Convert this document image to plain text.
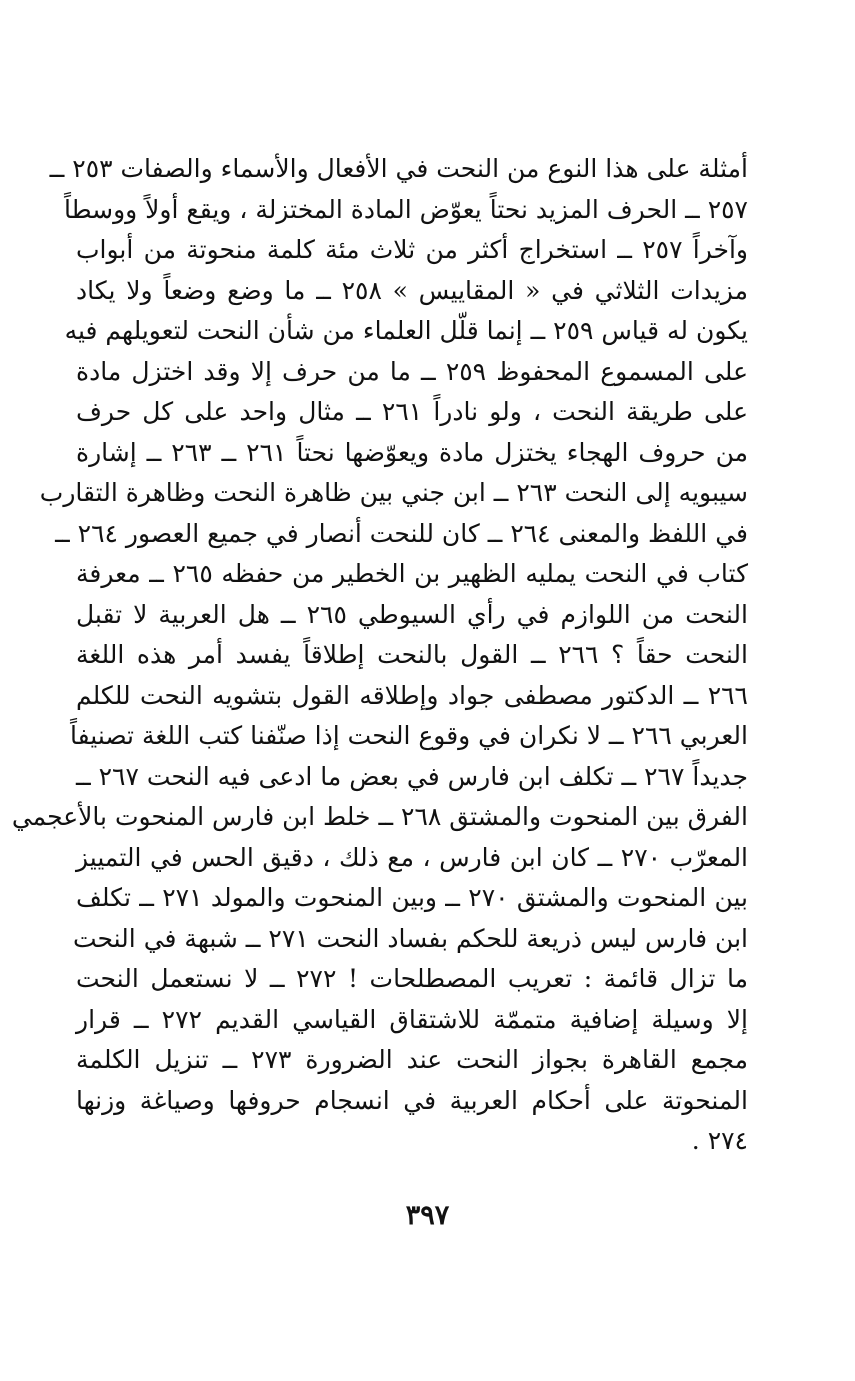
أمثلة على هذا النوع من النحت في الأفعال والأسماء والصفات ٢٥٣ ــ
٢٥٧ ــ الحرف المزيد نحتاً يعوّض المادة المختزلة ، ويقع أولاً ووسطاً
وآخراً ٢٥٧ ــ استخراج أكثر من ثلاث مئة كلمة منحوتة من أبواب
مزيدات الثلاثي في « المقاييس » ٢٥٨ ــ ما وضع وضعاً ولا يكاد
يكون له قياس ٢٥٩ ــ إنما قلّل العلماء من شأن النحت لتعويلهم فيه
على المسموع المحفوظ ٢٥٩ ــ ما من حرف إلا وقد اختزل مادة
على طريقة النحت ، ولو نادراً ٢٦١ ــ مثال واحد على كل حرف
من حروف الهجاء يختزل مادة ويعوّضها نحتاً ٢٦١ ــ ٢٦٣ ــ إشارة
سيبويه إلى النحت ٢٦٣ ــ ابن جني بين ظاهرة النحت وظاهرة التقارب
في اللفظ والمعنى ٢٦٤ ــ كان للنحت أنصار في جميع العصور ٢٦٤ ــ
كتاب في النحت يمليه الظهير بن الخطير من حفظه ٢٦٥ ــ معرفة
النحت من اللوازم في رأي السيوطي ٢٦٥ ــ هل العربية لا تقبل
النحت حقاً ؟ ٢٦٦ ــ القول بالنحت إطلاقاً يفسد أمر هذه اللغة
٢٦٦ ــ الدكتور مصطفى جواد وإطلاقه القول بتشويه النحت للكلم
العربي ٢٦٦ ــ لا نكران في وقوع النحت إذا صنّفنا كتب اللغة تصنيفاً
جديداً ٢٦٧ ــ تكلف ابن فارس في بعض ما ادعى فيه النحت ٢٦٧ ــ
الفرق بين المنحوت والمشتق ٢٦٨ ــ خلط ابن فارس المنحوت بالأعجمي
المعرّب ٢٧٠ ــ كان ابن فارس ، مع ذلك ، دقيق الحس في التمييز
بين المنحوت والمشتق ٢٧٠ ــ وبين المنحوت والمولد ٢٧١ ــ تكلف
ابن فارس ليس ذريعة للحكم بفساد النحت ٢٧١ ــ شبهة في النحت
ما تزال قائمة : تعريب المصطلحات ! ٢٧٢ ــ لا نستعمل النحت
إلا وسيلة إضافية متممّة للاشتقاق القياسي القديم ٢٧٢ ــ قرار
مجمع القاهرة بجواز النحت عند الضرورة ٢٧٣ ــ تنزيل الكلمة
المنحوتة على أحكام العربية في انسجام حروفها وصياغة وزنها
٢٧٤ .
٣٩٧
